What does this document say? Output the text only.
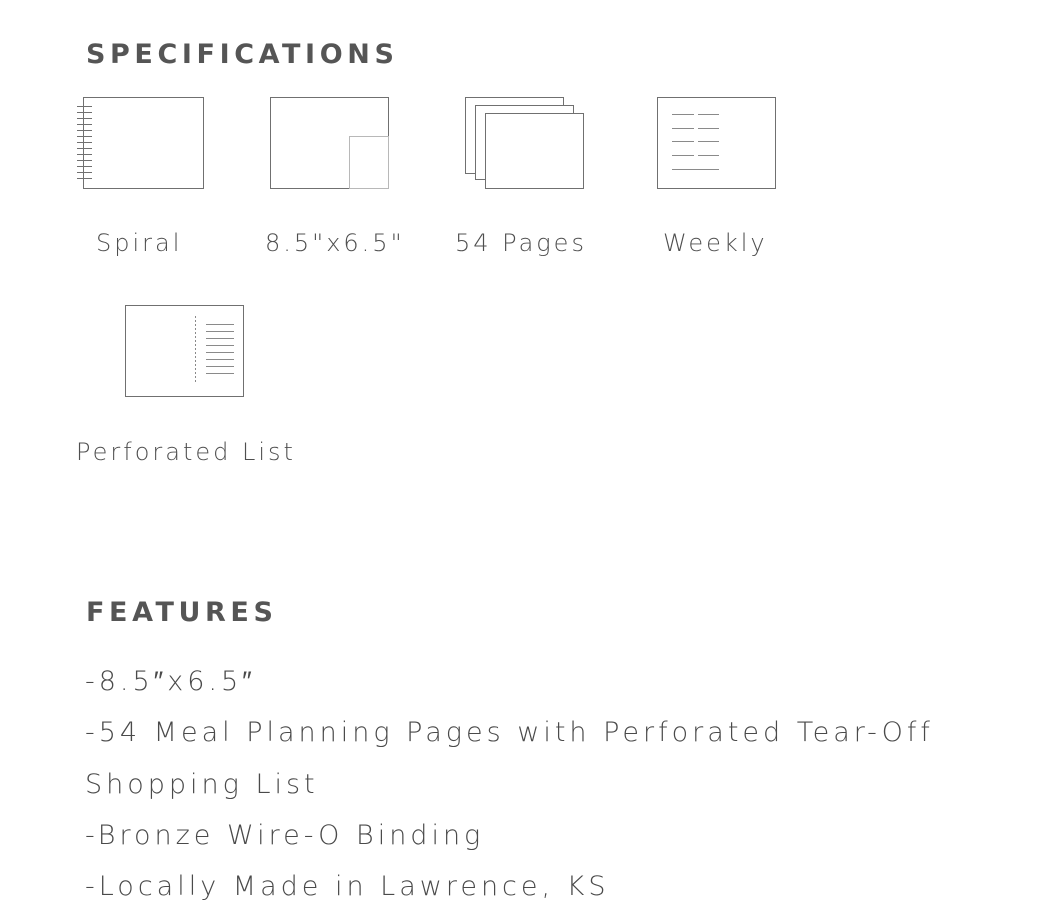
SPECIFICATIONS
Spiral	8.5"x6.5" 54 Pages	Weekly
Perforated List
FEATURES
-8.5″x6.5″
-54 Meal Planning Pages with Perforated Tear-Off Shopping List
-Bronze Wire-O Binding
-Locally Made in Lawrence, KS
